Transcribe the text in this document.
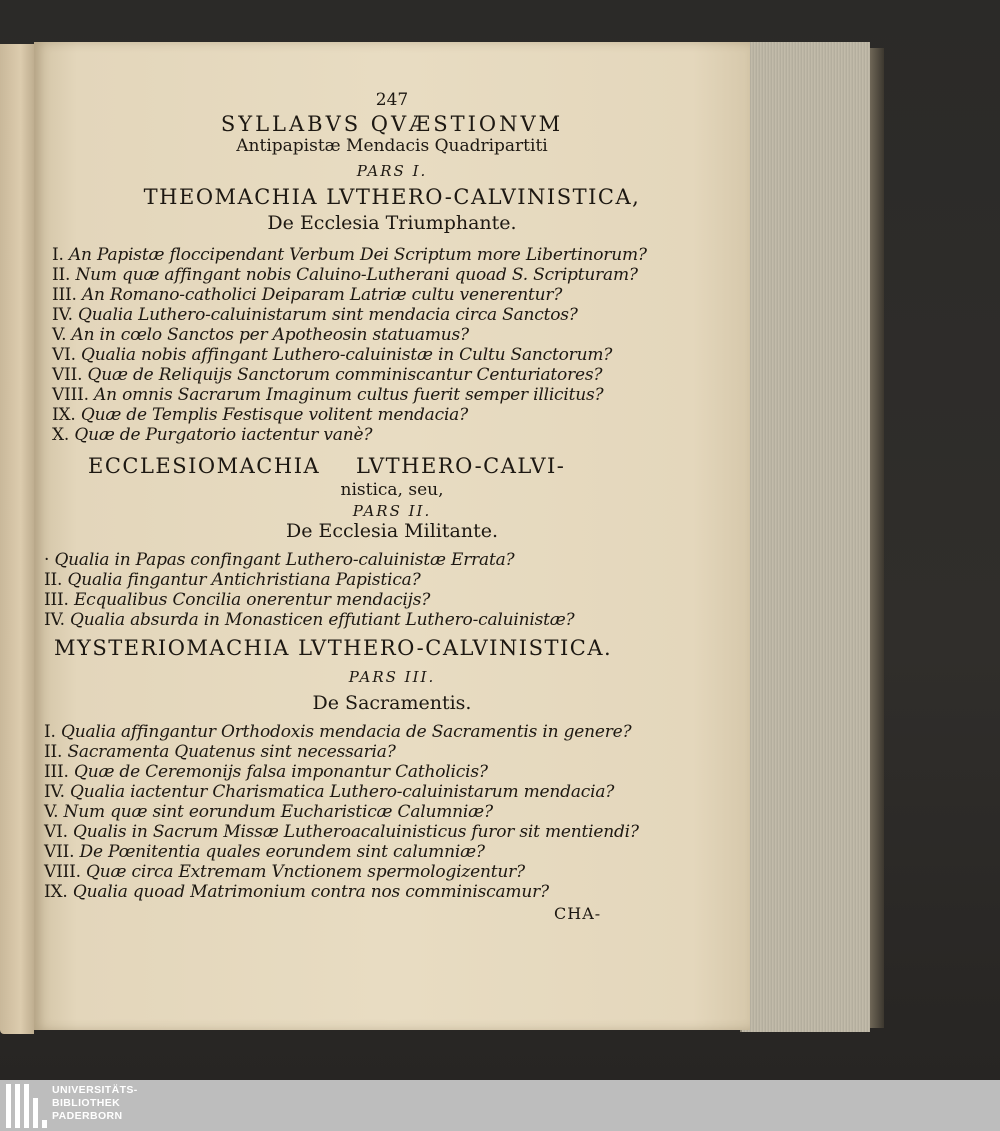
247
SYLLABVS QVÆSTIONVM
Antipapistæ Mendacis Quadripartiti
PARS I.
THEOMACHIA LVTHERO-CALVINISTICA,
De Ecclesia Triumphante.
I. An Papistæ floccipendant Verbum Dei Scriptum more Libertinorum?
II. Num quæ affingant nobis Caluino-Lutherani quoad S. Scripturam?
III. An Romano-catholici Deiparam Latriæ cultu venerentur?
IV. Qualia Luthero-caluinistarum sint mendacia circa Sanctos?
V. An in cœlo Sanctos per Apotheosin statuamus?
VI. Qualia nobis affingant Luthero-caluinistæ in Cultu Sanctorum?
VII. Quæ de Reliquijs Sanctorum comminiscantur Centuriatores?
VIII. An omnis Sacrarum Imaginum cultus fuerit semper illicitus?
IX. Quæ de Templis Festisque volitent mendacia?
X. Quæ de Purgatorio iactentur vanè?
ECCLESIOMACHIA LVTHERO-CALVI-
nistica, seu,
PARS II.
De Ecclesia Militante.
· Qualia in Papas confingant Luthero-caluinistæ Errata?
II. Qualia fingantur Antichristiana Papistica?
III. Ecqualibus Concilia onerentur mendacijs?
IV. Qualia absurda in Monasticen effutiant Luthero-caluinistæ?
MYSTERIOMACHIA LVTHERO-CALVINISTICA.
PARS III.
De Sacramentis.
I. Qualia affingantur Orthodoxis mendacia de Sacramentis in genere?
II. Sacramenta Quatenus sint necessaria?
III. Quæ de Ceremonijs falsa imponantur Catholicis?
IV. Qualia iactentur Charismatica Luthero-caluinistarum mendacia?
V. Num quæ sint eorundum Eucharisticæ Calumniæ?
VI. Qualis in Sacrum Missæ Lutheroacaluinisticus furor sit mentiendi?
VII. De Pœnitentia quales eorundem sint calumniæ?
VIII. Quæ circa Extremam Vnctionem spermologizentur?
IX. Qualia quoad Matrimonium contra nos comminiscamur?
CHA-
UNIVERSITÄTS-
BIBLIOTHEK
PADERBORN
